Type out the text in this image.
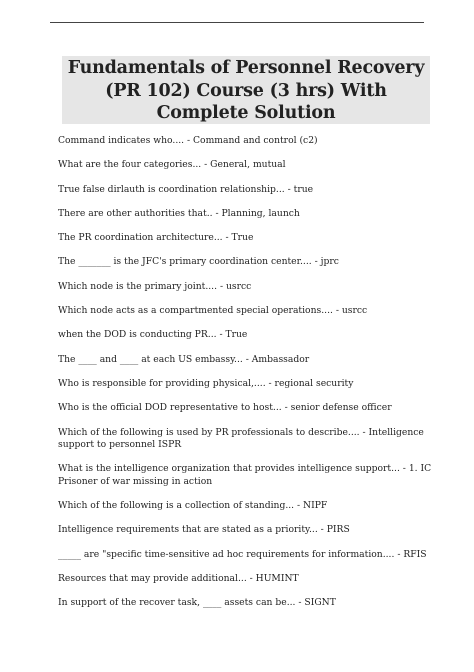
Fundamentals of Personnel Recovery (PR 102) Course (3 hrs) With Complete Solution
Command indicates who.... - Command and control (c2)
What are the four categories... - General, mutual
True false dirlauth is coordination relationship... - true
There are other authorities that.. - Planning, launch
The PR coordination architecture... - True
The _______ is the JFC's primary coordination center.... - jprc
Which node is the primary joint.... - usrcc
Which node acts as a compartmented special operations.... - usrcc
when the DOD is conducting PR... - True
The ____ and ____ at each US embassy... - Ambassador
Who is responsible for providing physical,.... - regional security
Who is the official DOD representative to host... - senior defense officer
Which of the following is used by PR professionals to describe.... - Intelligence support to personnel ISPR
What is the intelligence organization that provides intelligence support... - 1. IC Prisoner of war missing in action
Which of the following is a collection of standing... - NIPF
Intelligence requirements that are stated as a priority... - PIRS
_____ are "specific time-sensitive ad hoc requirements for information.... - RFIS
Resources that may provide additional... - HUMINT
In support of the recover task, ____ assets can be... - SIGNT
